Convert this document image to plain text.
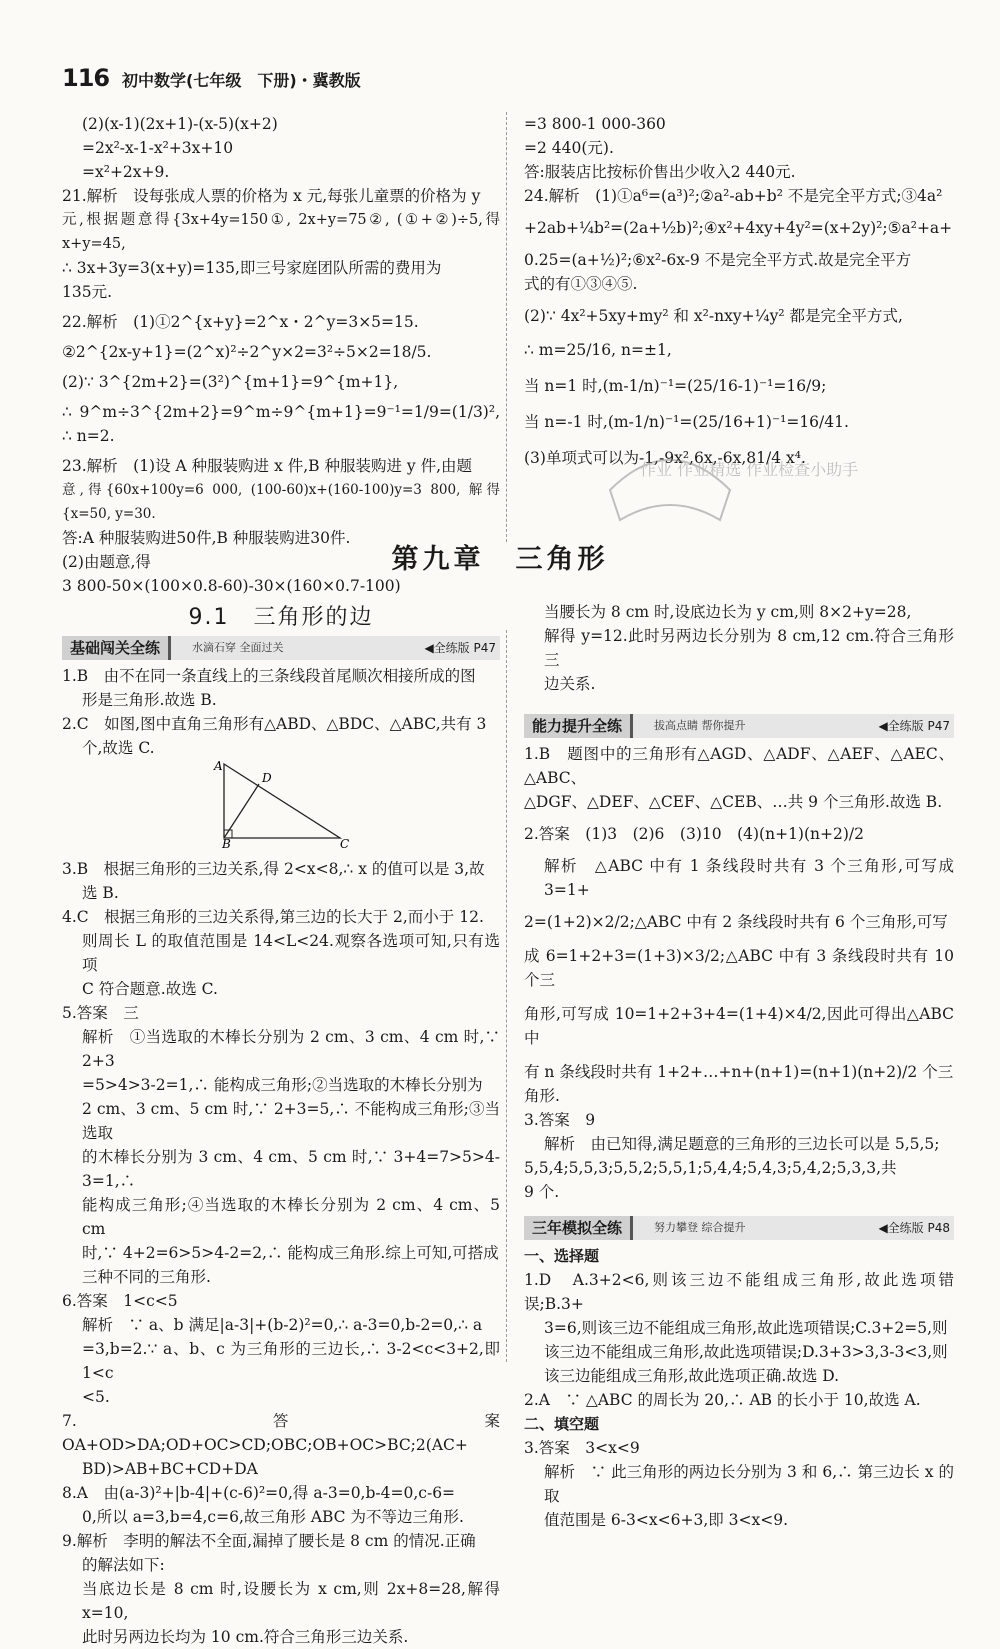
116 初中数学(七年级　下册)・冀教版

(2)(x-1)(2x+1)-(x-5)(x+2)

=2x²-x-1-x²+3x+10

=x²+2x+9.

21.解析　设每张成人票的价格为 x 元,每张儿童票的价格为 y

元,根据题意得{3x+4y=150①, 2x+y=75②, (①+②)÷5,得 x+y=45,

∴ 3x+3y=3(x+y)=135,即三号家庭团队所需的费用为

135元.

22.解析　(1)①2^{x+y}=2^x・2^y=3×5=15.

②2^{2x-y+1}=(2^x)²÷2^y×2=3²÷5×2=18/5.

(2)∵ 3^{2m+2}=(3²)^{m+1}=9^{m+1},

∴ 9^m÷3^{2m+2}=9^m÷9^{m+1}=9⁻¹=1/9=(1/3)², ∴ n=2.

23.解析　(1)设 A 种服装购进 x 件,B 种服装购进 y 件,由题

意,得{60x+100y=6 000, (100-60)x+(160-100)y=3 800, 解得{x=50, y=30.

答:A 种服装购进50件,B 种服装购进30件.

(2)由题意,得

3 800-50×(100×0.8-60)-30×(160×0.7-100)

=3 800-1 000-360

=2 440(元).

答:服装店比按标价售出少收入2 440元.

24.解析　(1)①a⁶=(a³)²;②a²-ab+b² 不是完全平方式;③4a²

+2ab+¼b²=(2a+½b)²;④x²+4xy+4y²=(x+2y)²;⑤a²+a+

0.25=(a+½)²;⑥x²-6x-9 不是完全平方式.故是完全平方

式的有①③④⑤.

(2)∵ 4x²+5xy+my² 和 x²-nxy+¼y² 都是完全平方式,

∴ m=25/16, n=±1,

当 n=1 时,(m-1/n)⁻¹=(25/16-1)⁻¹=16/9;

当 n=-1 时,(m-1/n)⁻¹=(25/16+1)⁻¹=16/41.

(3)单项式可以为-1,-9x²,6x,-6x,81/4 x⁴.

作业 作业精选 作业检查小助手
第九章　三角形
9.1　三角形的边
基础闯关全练	水滴石穿 全面过关	◀全练版 P47

1.B　由不在同一条直线上的三条线段首尾顺次相接所成的图

形是三角形.故选 B.

2.C　如图,图中直角三角形有△ABD、△BDC、△ABC,共有 3

个,故选 C.

A
D
B	C

3.B　根据三角形的三边关系,得 2<x<8,∴ x 的值可以是 3,故

选 B.

4.C　根据三角形的三边关系得,第三边的长大于 2,而小于 12.

则周长 L 的取值范围是 14<L<24.观察各选项可知,只有选项

C 符合题意.故选 C.

5.答案　三

解析　①当选取的木棒长分别为 2 cm、3 cm、4 cm 时,∵ 2+3

=5>4>3-2=1,∴ 能构成三角形;②当选取的木棒长分别为

2 cm、3 cm、5 cm 时,∵ 2+3=5,∴ 不能构成三角形;③当选取

的木棒长分别为 3 cm、4 cm、5 cm 时,∵ 3+4=7>5>4-3=1,∴

能构成三角形;④当选取的木棒长分别为 2 cm、4 cm、5 cm

时,∵ 4+2=6>5>4-2=2,∴ 能构成三角形.综上可知,可搭成

三种不同的三角形.

6.答案　1<c<5

解析　∵ a、b 满足|a-3|+(b-2)²=0,∴ a-3=0,b-2=0,∴ a

=3,b=2.∵ a、b、c 为三角形的三边长,∴ 3-2<c<3+2,即 1<c

<5.

7.答案　OA+OD>DA;OD+OC>CD;OBC;OB+OC>BC;2(AC+

BD)>AB+BC+CD+DA

8.A　由(a-3)²+|b-4|+(c-6)²=0,得 a-3=0,b-4=0,c-6=

0,所以 a=3,b=4,c=6,故三角形 ABC 为不等边三角形.

9.解析　李明的解法不全面,漏掉了腰长是 8 cm 的情况.正确

的解法如下:

当底边长是 8 cm 时,设腰长为 x cm,则 2x+8=28,解得 x=10,

此时另两边长均为 10 cm.符合三角形三边关系.

当腰长为 8 cm 时,设底边长为 y cm,则 8×2+y=28,

解得 y=12.此时另两边长分别为 8 cm,12 cm.符合三角形三

边关系.

能力提升全练	拔高点睛 帮你提升	◀全练版 P47

1.B　题图中的三角形有△AGD、△ADF、△AEF、△AEC、△ABC、

△DGF、△DEF、△CEF、△CEB、…共 9 个三角形.故选 B.

2.答案　(1)3　(2)6　(3)10　(4)(n+1)(n+2)/2

解析　△ABC 中有 1 条线段时共有 3 个三角形,可写成 3=1+

2=(1+2)×2/2;△ABC 中有 2 条线段时共有 6 个三角形,可写

成 6=1+2+3=(1+3)×3/2;△ABC 中有 3 条线段时共有 10 个三

角形,可写成 10=1+2+3+4=(1+4)×4/2,因此可得出△ABC 中

有 n 条线段时共有 1+2+…+n+(n+1)=(n+1)(n+2)/2 个三

角形.

3.答案　9

解析　由已知得,满足题意的三角形的三边长可以是 5,5,5;

5,5,4;5,5,3;5,5,2;5,5,1;5,4,4;5,4,3;5,4,2;5,3,3,共

9 个.

三年模拟全练	努力攀登 综合提升	◀全练版 P48

一、选择题

1.D　A.3+2<6,则该三边不能组成三角形,故此选项错误;B.3+

3=6,则该三边不能组成三角形,故此选项错误;C.3+2=5,则

该三边不能组成三角形,故此选项错误;D.3+3>3,3-3<3,则

该三边能组成三角形,故此选项正确.故选 D.

2.A　∵ △ABC 的周长为 20,∴ AB 的长小于 10,故选 A.

二、填空题

3.答案　3<x<9

解析　∵ 此三角形的两边长分别为 3 和 6,∴ 第三边长 x 的取

值范围是 6-3<x<6+3,即 3<x<9.
